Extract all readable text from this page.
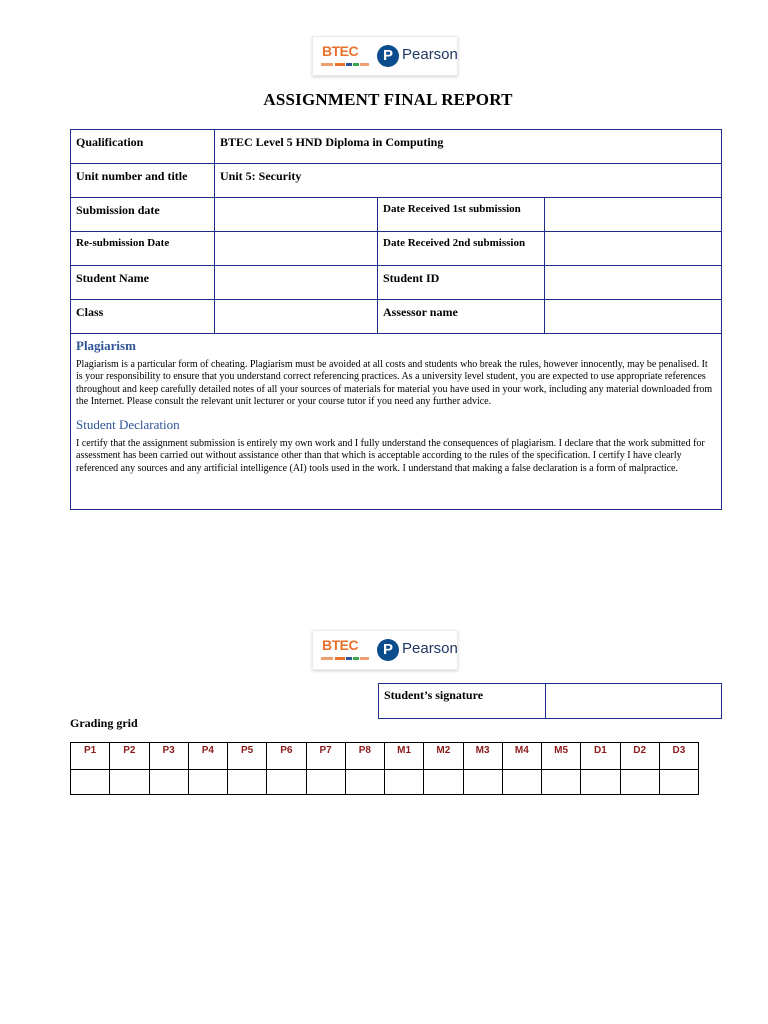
BTEC	P Pearson
ASSIGNMENT FINAL REPORT
Qualification	BTEC Level 5 HND Diploma in Computing		
Unit number and title	Unit 5: Security		
Submission date		Date Received 1st submission	
Re-submission Date		Date Received 2nd submission	
Student Name		Student ID	
Class		Assessor name	

Plagiarism

Plagiarism is a particular form of cheating. Plagiarism must be avoided at all costs and students who break the rules, however innocently, may be penalised. It is your responsibility to ensure that you understand correct referencing practices. As a university level student, you are expected to use appropriate references throughout and keep carefully detailed notes of all your sources of materials for material you have used in your work, including any material downloaded from the Internet. Please consult the relevant unit lecturer or your course tutor if you need any further advice.

Student Declaration

I certify that the assignment submission is entirely my own work and I fully understand the consequences of plagiarism. I declare that the work submitted for assessment has been carried out without assistance other than that which is acceptable according to the rules of the specification. I certify I have clearly referenced any sources and any artificial intelligence (AI) tools used in the work. I understand that making a false declaration is a form of malpractice.			

BTEC	P Pearson
Student’s signature	
Grading grid
P1	P2	P3	P4	P5	P6	P7	P8	M1	M2	M3	M4	M5	D1	D2	D3
